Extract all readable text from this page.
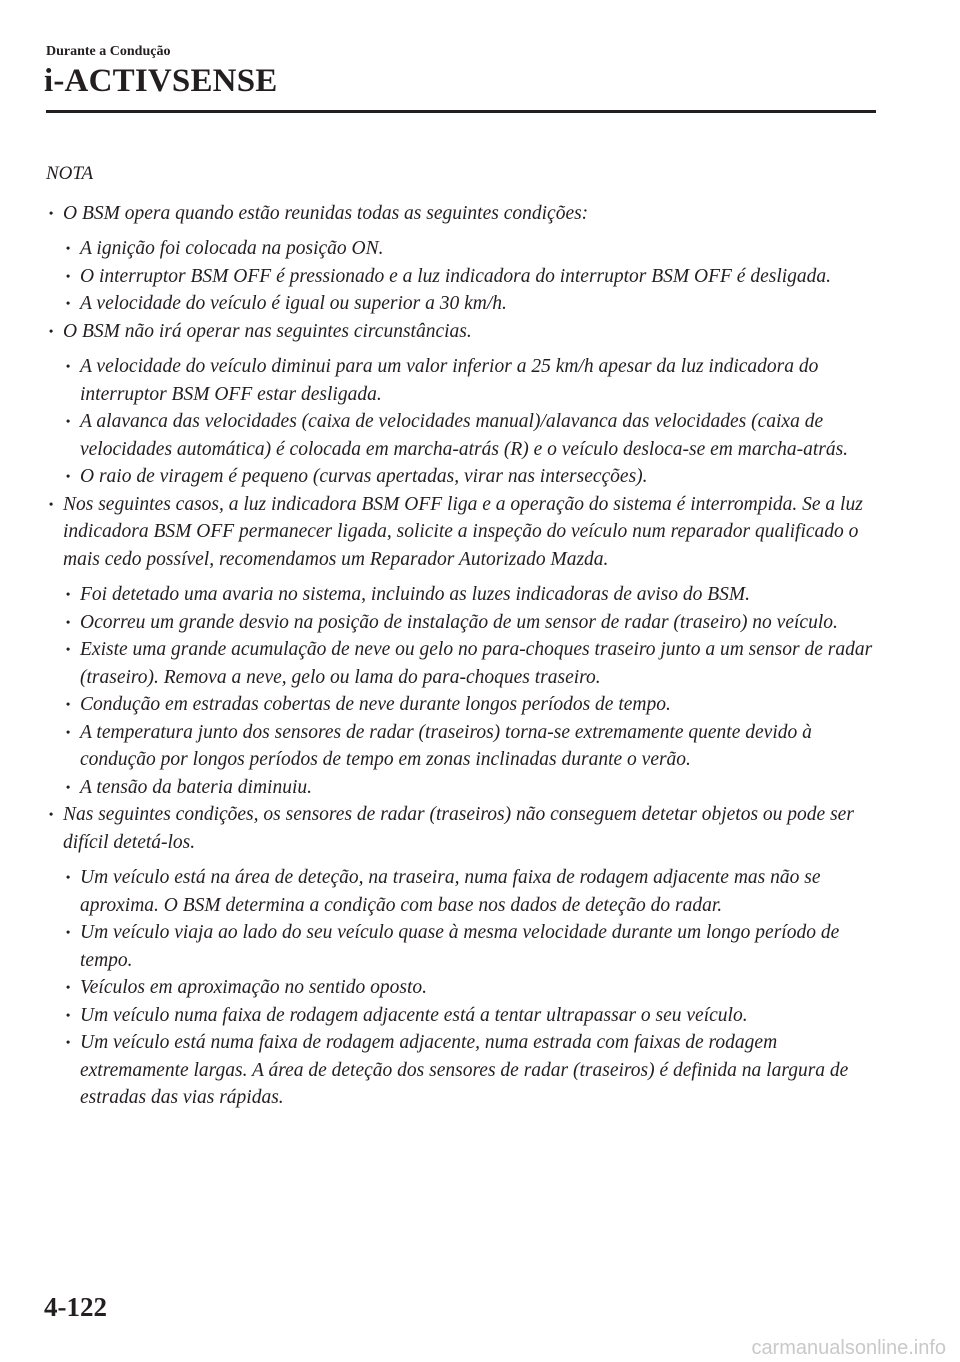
Durante a Condução
i-ACTIVSENSE
NOTA
• O BSM opera quando estão reunidas todas as seguintes condições:
• A ignição foi colocada na posição ON.
• O interruptor BSM OFF é pressionado e a luz indicadora do interruptor BSM OFF é desligada.
• A velocidade do veículo é igual ou superior a 30 km/h.
• O BSM não irá operar nas seguintes circunstâncias.
• A velocidade do veículo diminui para um valor inferior a 25 km/h apesar da luz indicadora do interruptor BSM OFF estar desligada.
• A alavanca das velocidades (caixa de velocidades manual)/alavanca das velocidades (caixa de velocidades automática) é colocada em marcha-atrás (R) e o veículo desloca-se em marcha-atrás.
• O raio de viragem é pequeno (curvas apertadas, virar nas intersecções).
• Nos seguintes casos, a luz indicadora BSM OFF liga e a operação do sistema é interrompida. Se a luz indicadora BSM OFF permanecer ligada, solicite a inspeção do veículo num reparador qualificado o mais cedo possível, recomendamos um Reparador Autorizado Mazda.
• Foi detetado uma avaria no sistema, incluindo as luzes indicadoras de aviso do BSM.
• Ocorreu um grande desvio na posição de instalação de um sensor de radar (traseiro) no veículo.
• Existe uma grande acumulação de neve ou gelo no para-choques traseiro junto a um sensor de radar (traseiro). Remova a neve, gelo ou lama do para-choques traseiro.
• Condução em estradas cobertas de neve durante longos períodos de tempo.
• A temperatura junto dos sensores de radar (traseiros) torna-se extremamente quente devido à condução por longos períodos de tempo em zonas inclinadas durante o verão.
• A tensão da bateria diminuiu.
• Nas seguintes condições, os sensores de radar (traseiros) não conseguem detetar objetos ou pode ser difícil detetá-los.
• Um veículo está na área de deteção, na traseira, numa faixa de rodagem adjacente mas não se aproxima. O BSM determina a condição com base nos dados de deteção do radar.
• Um veículo viaja ao lado do seu veículo quase à mesma velocidade durante um longo período de tempo.
• Veículos em aproximação no sentido oposto.
• Um veículo numa faixa de rodagem adjacente está a tentar ultrapassar o seu veículo.
• Um veículo está numa faixa de rodagem adjacente, numa estrada com faixas de rodagem extremamente largas. A área de deteção dos sensores de radar (traseiros) é definida na largura de estradas das vias rápidas.
4-122
carmanualsonline.info
